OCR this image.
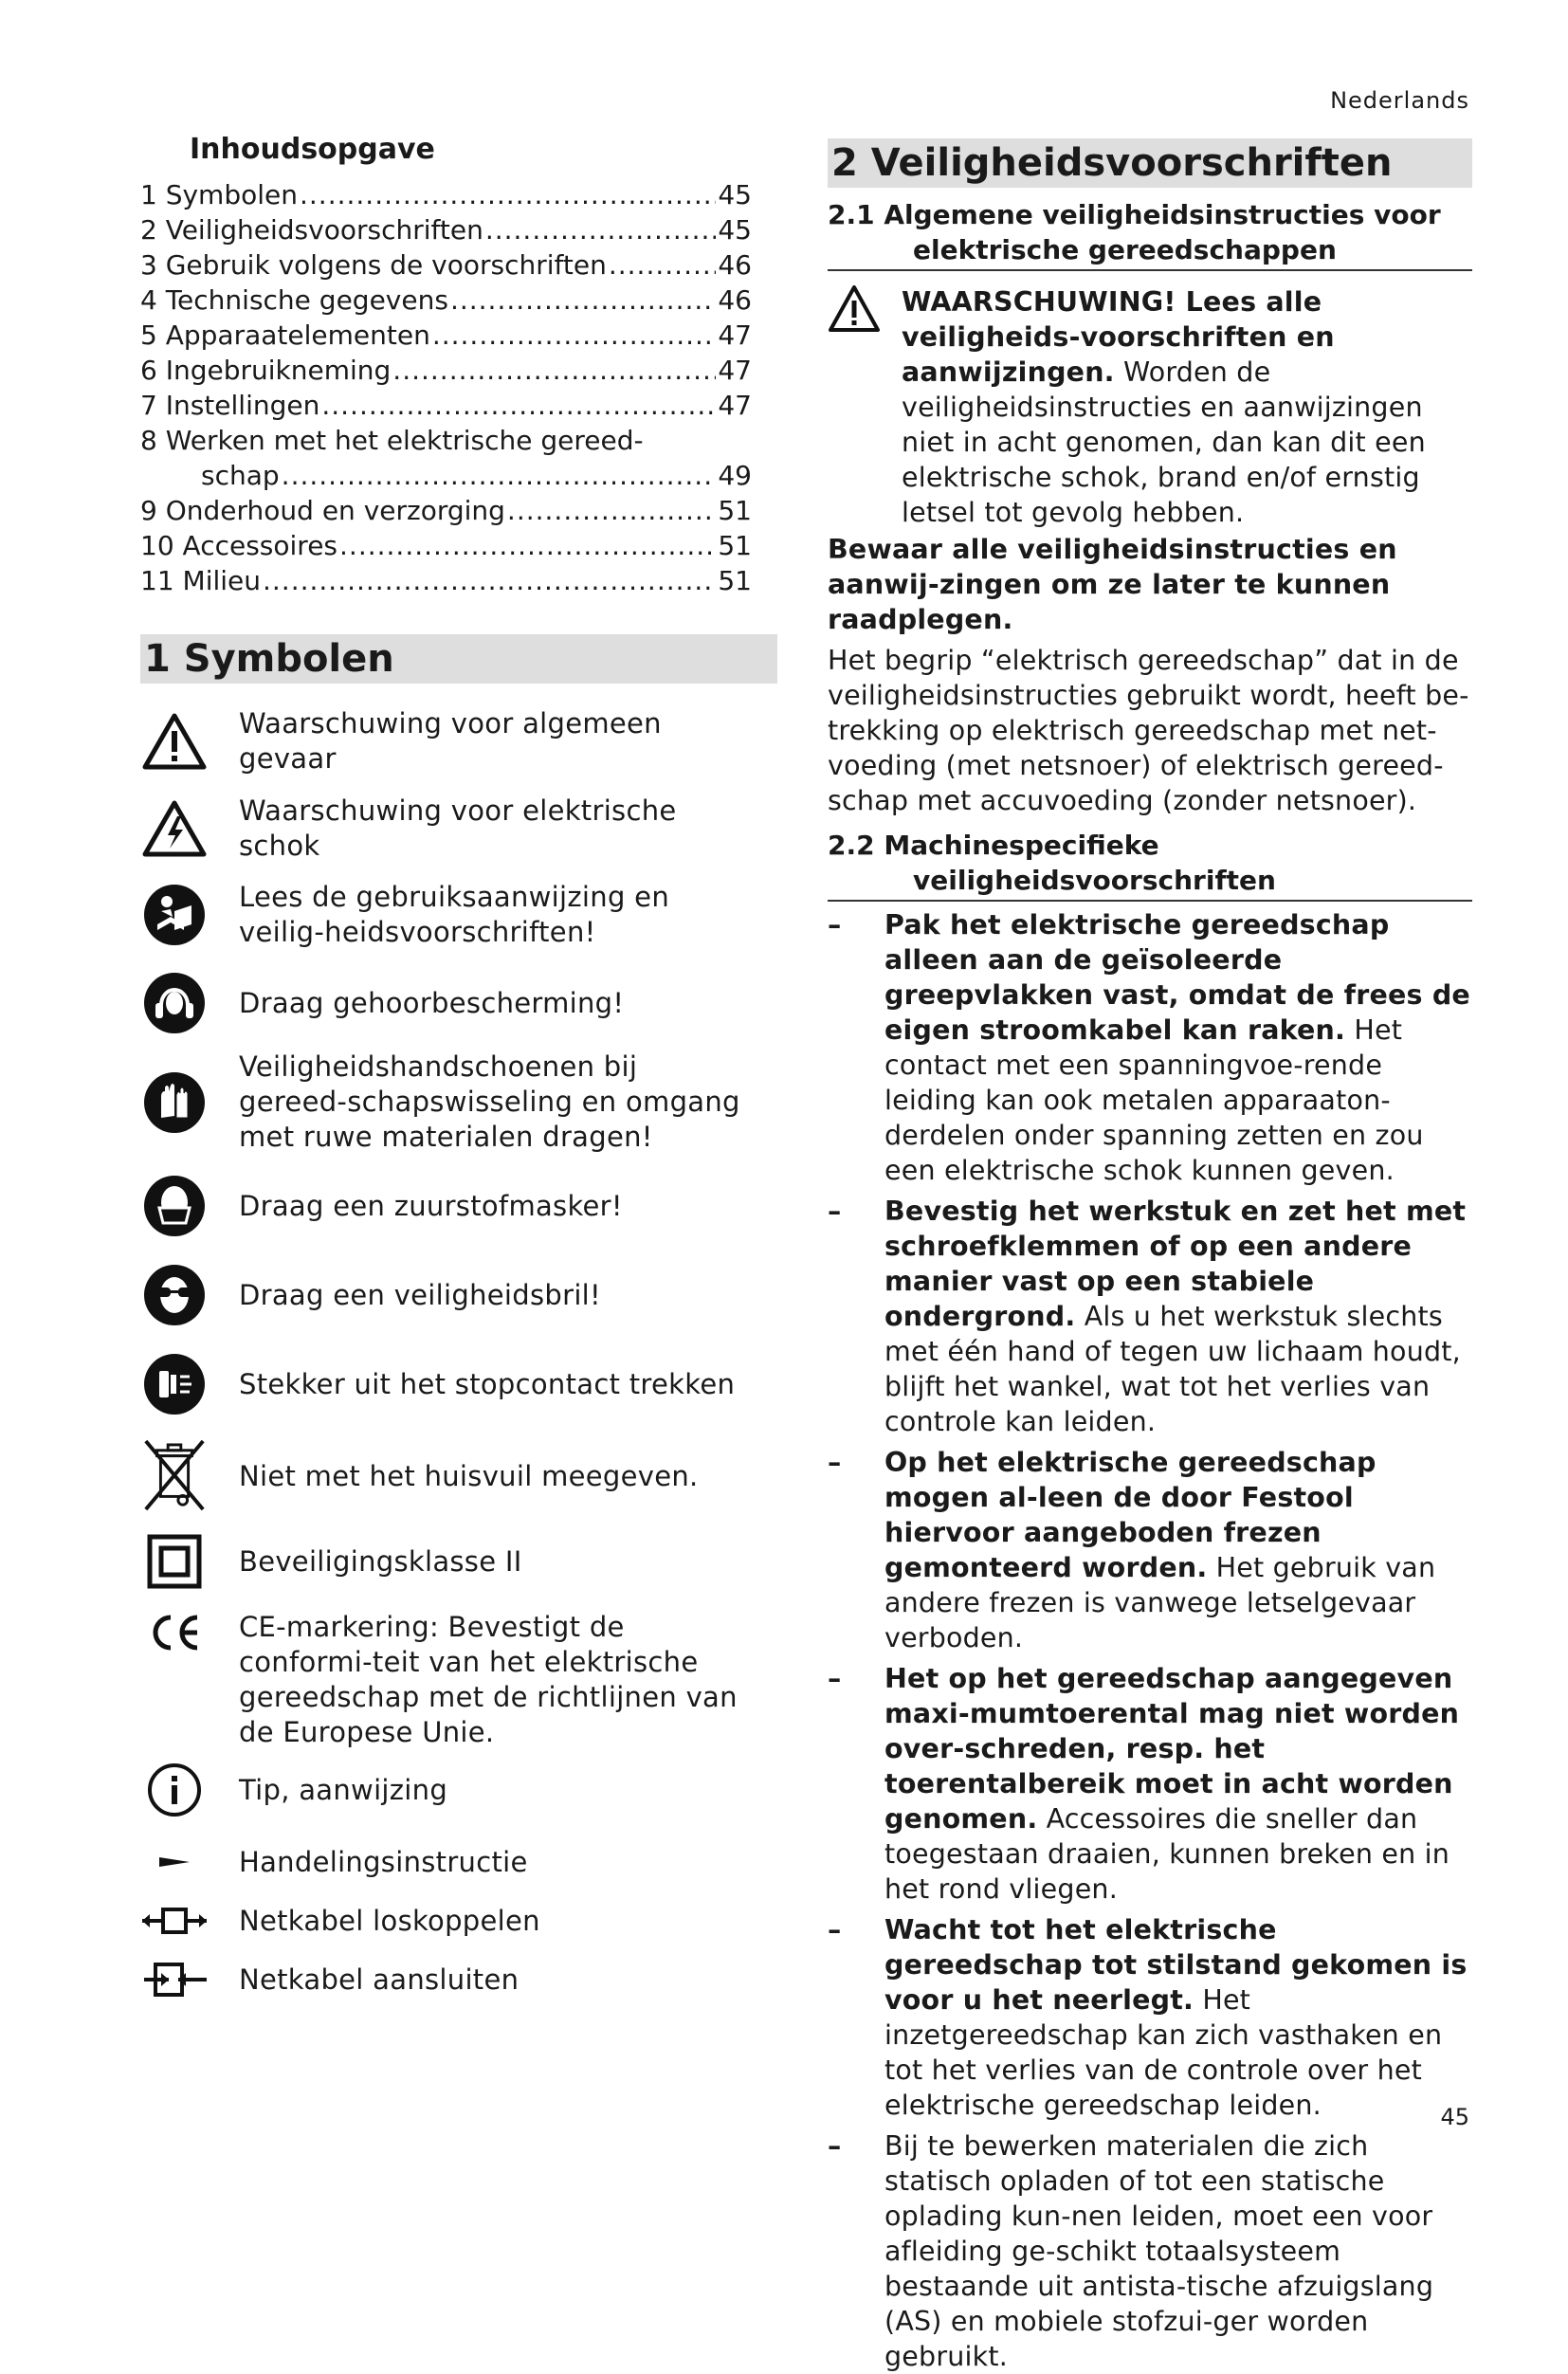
Nederlands
Inhoudsopgave
1 Symbolen .....	45
2 Veiligheidsvoorschriften .....	45
3 Gebruik volgens de voorschriften .....	46
4 Technische gegevens .....	46
5 Apparaatelementen .....	47
6 Ingebruikneming .....	47
7 Instellingen .....	47
8 Werken met het elektrische gereed-
schap .....	49
9 Onderhoud en verzorging .....	51
10 Accessoires .....	51
11 Milieu .....	51
1 Symbolen
Waarschuwing voor algemeen gevaar
Waarschuwing voor elektrische schok
Lees de gebruiksaanwijzing en veilig-heidsvoorschriften!
Draag gehoorbescherming!
Veiligheidshandschoenen bij gereed-schapswisseling en omgang met ruwe materialen dragen!
Draag een zuurstofmasker!
Draag een veiligheidsbril!
Stekker uit het stopcontact trekken
Niet met het huisvuil meegeven.
Beveiligingsklasse II
CE-markering: Bevestigt de conformi-teit van het elektrische gereedschap met de richtlijnen van de Europese Unie.
Tip, aanwijzing
Handelingsinstructie
Netkabel loskoppelen
Netkabel aansluiten
2 Veiligheidsvoorschriften
2.1 Algemene veiligheidsinstructies voor
elektrische gereedschappen
WAARSCHUWING! Lees alle veiligheids-voorschriften en aanwijzingen. Worden de veiligheidsinstructies en aanwijzingen niet in acht genomen, dan kan dit een elektrische schok, brand en/of ernstig letsel tot gevolg hebben.
Bewaar alle veiligheidsinstructies en aanwij-zingen om ze later te kunnen raadplegen.
Het begrip “elektrisch gereedschap” dat in de veiligheidsinstructies gebruikt wordt, heeft be-trekking op elektrisch gereedschap met net-voeding (met netsnoer) of elektrisch gereed-schap met accuvoeding (zonder netsnoer).
2.2 Machinespecifieke
veiligheidsvoorschriften
– Pak het elektrische gereedschap alleen aan de geïsoleerde greepvlakken vast, omdat de frees de eigen stroomkabel kan raken. Het contact met een spanningvoe-rende leiding kan ook metalen apparaaton-derdelen onder spanning zetten en zou een elektrische schok kunnen geven.
– Bevestig het werkstuk en zet het met schroefklemmen of op een andere manier vast op een stabiele ondergrond. Als u het werkstuk slechts met één hand of tegen uw lichaam houdt, blijft het wankel, wat tot het verlies van controle kan leiden.
– Op het elektrische gereedschap mogen al-leen de door Festool hiervoor aangeboden frezen gemonteerd worden. Het gebruik van andere frezen is vanwege letselgevaar verboden.
– Het op het gereedschap aangegeven maxi-mumtoerental mag niet worden over-schreden, resp. het toerentalbereik moet in acht worden genomen. Accessoires die sneller dan toegestaan draaien, kunnen breken en in het rond vliegen.
– Wacht tot het elektrische gereedschap tot stilstand gekomen is voor u het neerlegt. Het inzetgereedschap kan zich vasthaken en tot het verlies van de controle over het elektrische gereedschap leiden.
– Bij te bewerken materialen die zich statisch opladen of tot een statische oplading kun-nen leiden, moet een voor afleiding ge-schikt totaalsysteem bestaande uit antista-tische afzuigslang (AS) en mobiele stofzui-ger worden gebruikt.
45
